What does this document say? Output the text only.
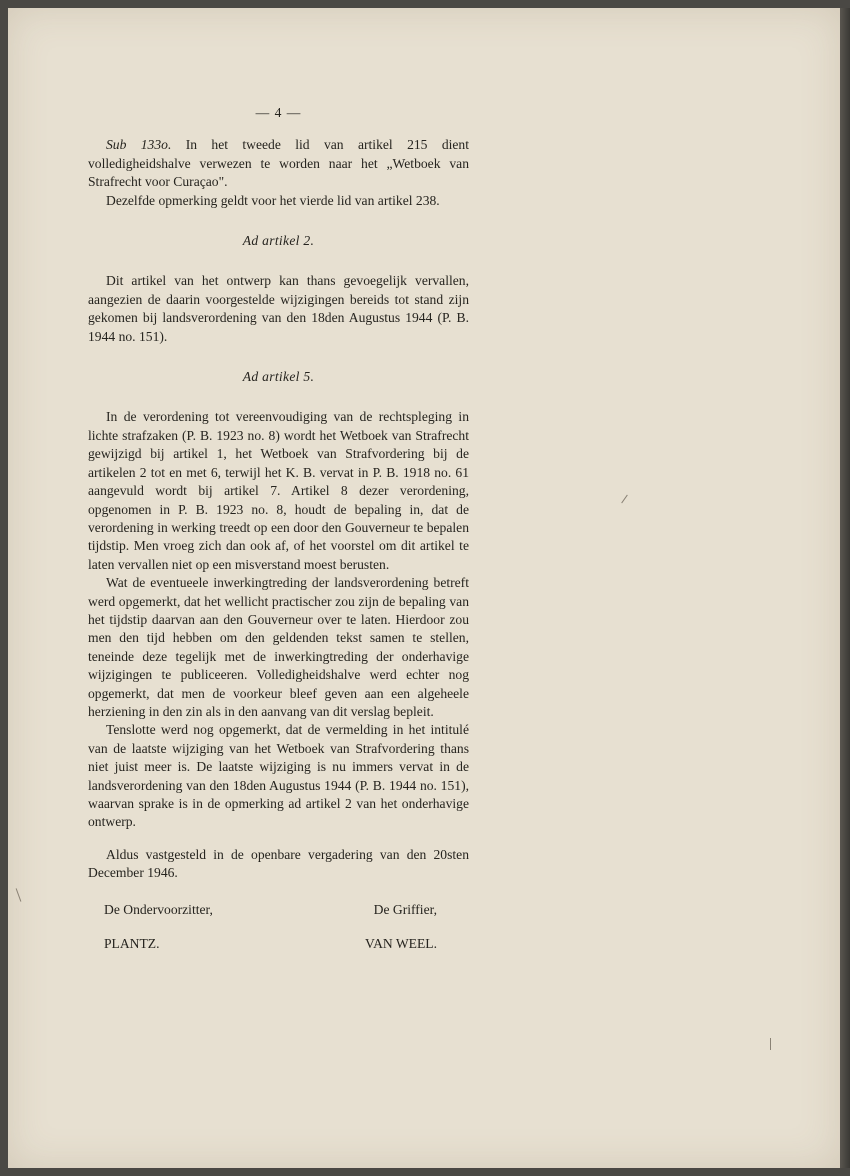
— 4 —

Sub 133o. In het tweede lid van artikel 215 dient volledigheidshalve verwezen te worden naar het „Wetboek van Strafrecht voor Curaçao".

Dezelfde opmerking geldt voor het vierde lid van artikel 238.

Ad artikel 2.

Dit artikel van het ontwerp kan thans gevoegelijk vervallen, aangezien de daarin voorgestelde wijzigingen bereids tot stand zijn gekomen bij landsverordening van den 18den Augustus 1944 (P. B. 1944 no. 151).

Ad artikel 5.

In de verordening tot vereenvoudiging van de rechtspleging in lichte strafzaken (P. B. 1923 no. 8) wordt het Wetboek van Strafrecht gewijzigd bij artikel 1, het Wetboek van Strafvordering bij de artikelen 2 tot en met 6, terwijl het K. B. vervat in P. B. 1918 no. 61 aangevuld wordt bij artikel 7. Artikel 8 dezer verordening, opgenomen in P. B. 1923 no. 8, houdt de bepaling in, dat de verordening in werking treedt op een door den Gouverneur te bepalen tijdstip. Men vroeg zich dan ook af, of het voorstel om dit artikel te laten vervallen niet op een misverstand moest berusten.

Wat de eventueele inwerkingtreding der landsverordening betreft werd opgemerkt, dat het wellicht practischer zou zijn de bepaling van het tijdstip daarvan aan den Gouverneur over te laten. Hierdoor zou men den tijd hebben om den geldenden tekst samen te stellen, teneinde deze tegelijk met de inwerkingtreding der onderhavige wijzigingen te publiceeren. Volledigheidshalve werd echter nog opgemerkt, dat men de voorkeur bleef geven aan een algeheele herziening in den zin als in den aanvang van dit verslag bepleit.

Tenslotte werd nog opgemerkt, dat de vermelding in het intitulé van de laatste wijziging van het Wetboek van Strafvordering thans niet juist meer is. De laatste wijziging is nu immers vervat in de landsverordening van den 18den Augustus 1944 (P. B. 1944 no. 151), waarvan sprake is in de opmerking ad artikel 2 van het onderhavige ontwerp.

Aldus vastgesteld in de openbare vergadering van den 20sten December 1946.

De Ondervoorzitter,	De Griffier,
PLANTZ.	VAN WEEL.
